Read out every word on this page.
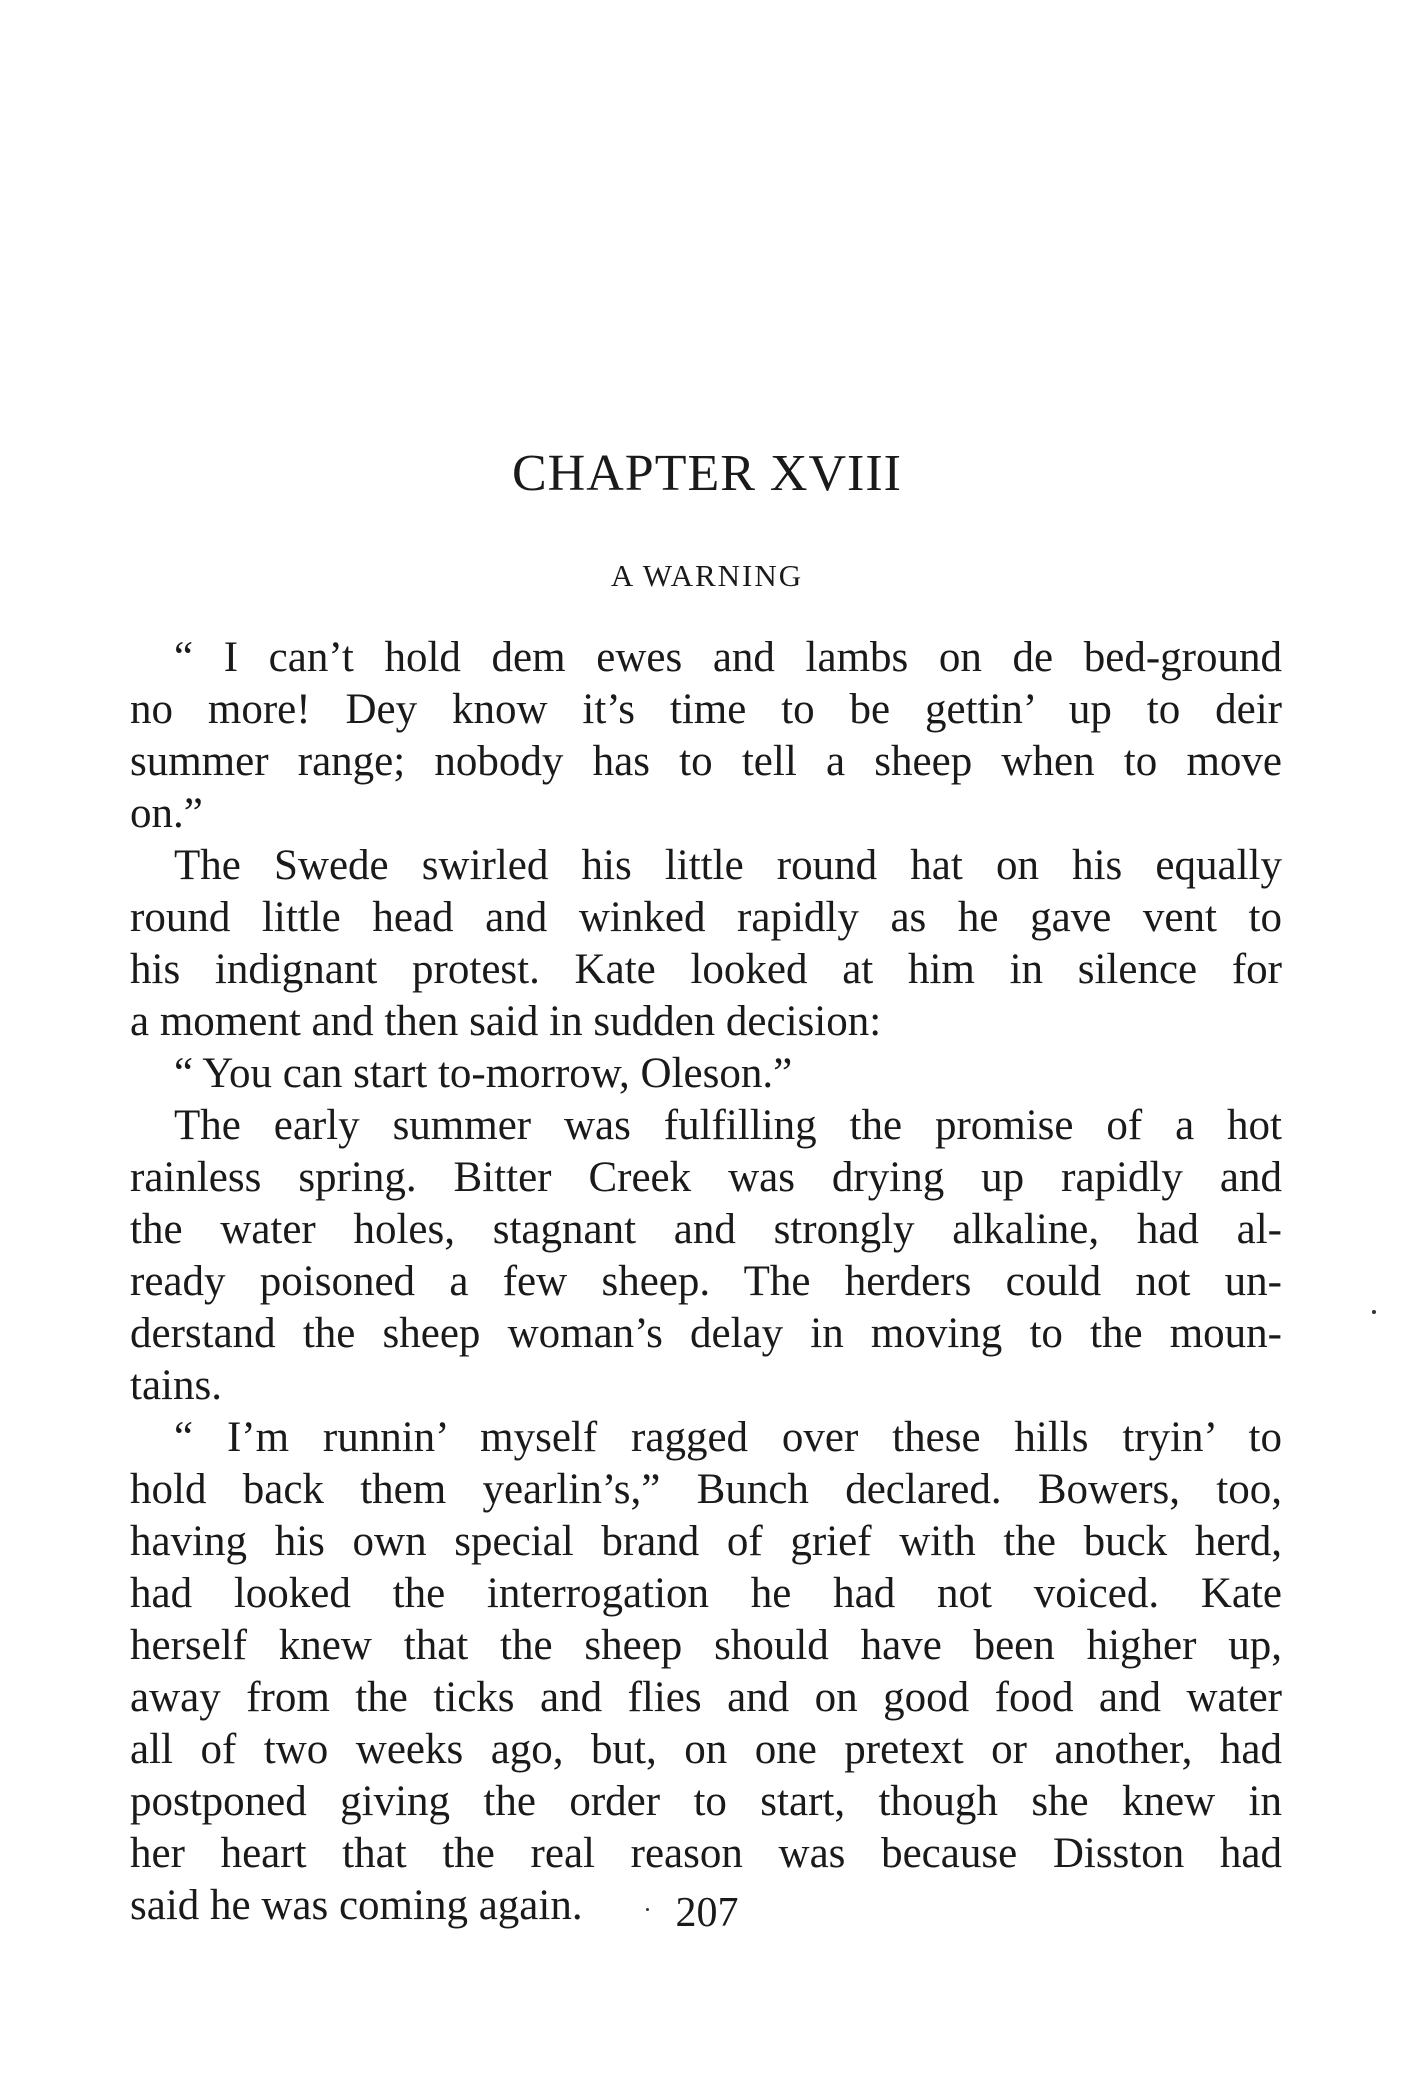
CHAPTER XVIII
A WARNING
“ I can’t hold dem ewes and lambs on de bed-ground
no more! Dey know it’s time to be gettin’ up to deir
summer range; nobody has to tell a sheep when to move
on.”
The Swede swirled his little round hat on his equally
round little head and winked rapidly as he gave vent to
his indignant protest. Kate looked at him in silence for
a moment and then said in sudden decision:
“ You can start to-morrow, Oleson.”
The early summer was fulfilling the promise of a hot
rainless spring. Bitter Creek was drying up rapidly and
the water holes, stagnant and strongly alkaline, had al-
ready poisoned a few sheep. The herders could not un-
derstand the sheep woman’s delay in moving to the moun-
tains.
“ I’m runnin’ myself ragged over these hills tryin’ to
hold back them yearlin’s,” Bunch declared. Bowers, too,
having his own special brand of grief with the buck herd,
had looked the interrogation he had not voiced. Kate
herself knew that the sheep should have been higher up,
away from the ticks and flies and on good food and water
all of two weeks ago, but, on one pretext or another, had
postponed giving the order to start, though she knew in
her heart that the real reason was because Disston had
said he was coming again.	207
